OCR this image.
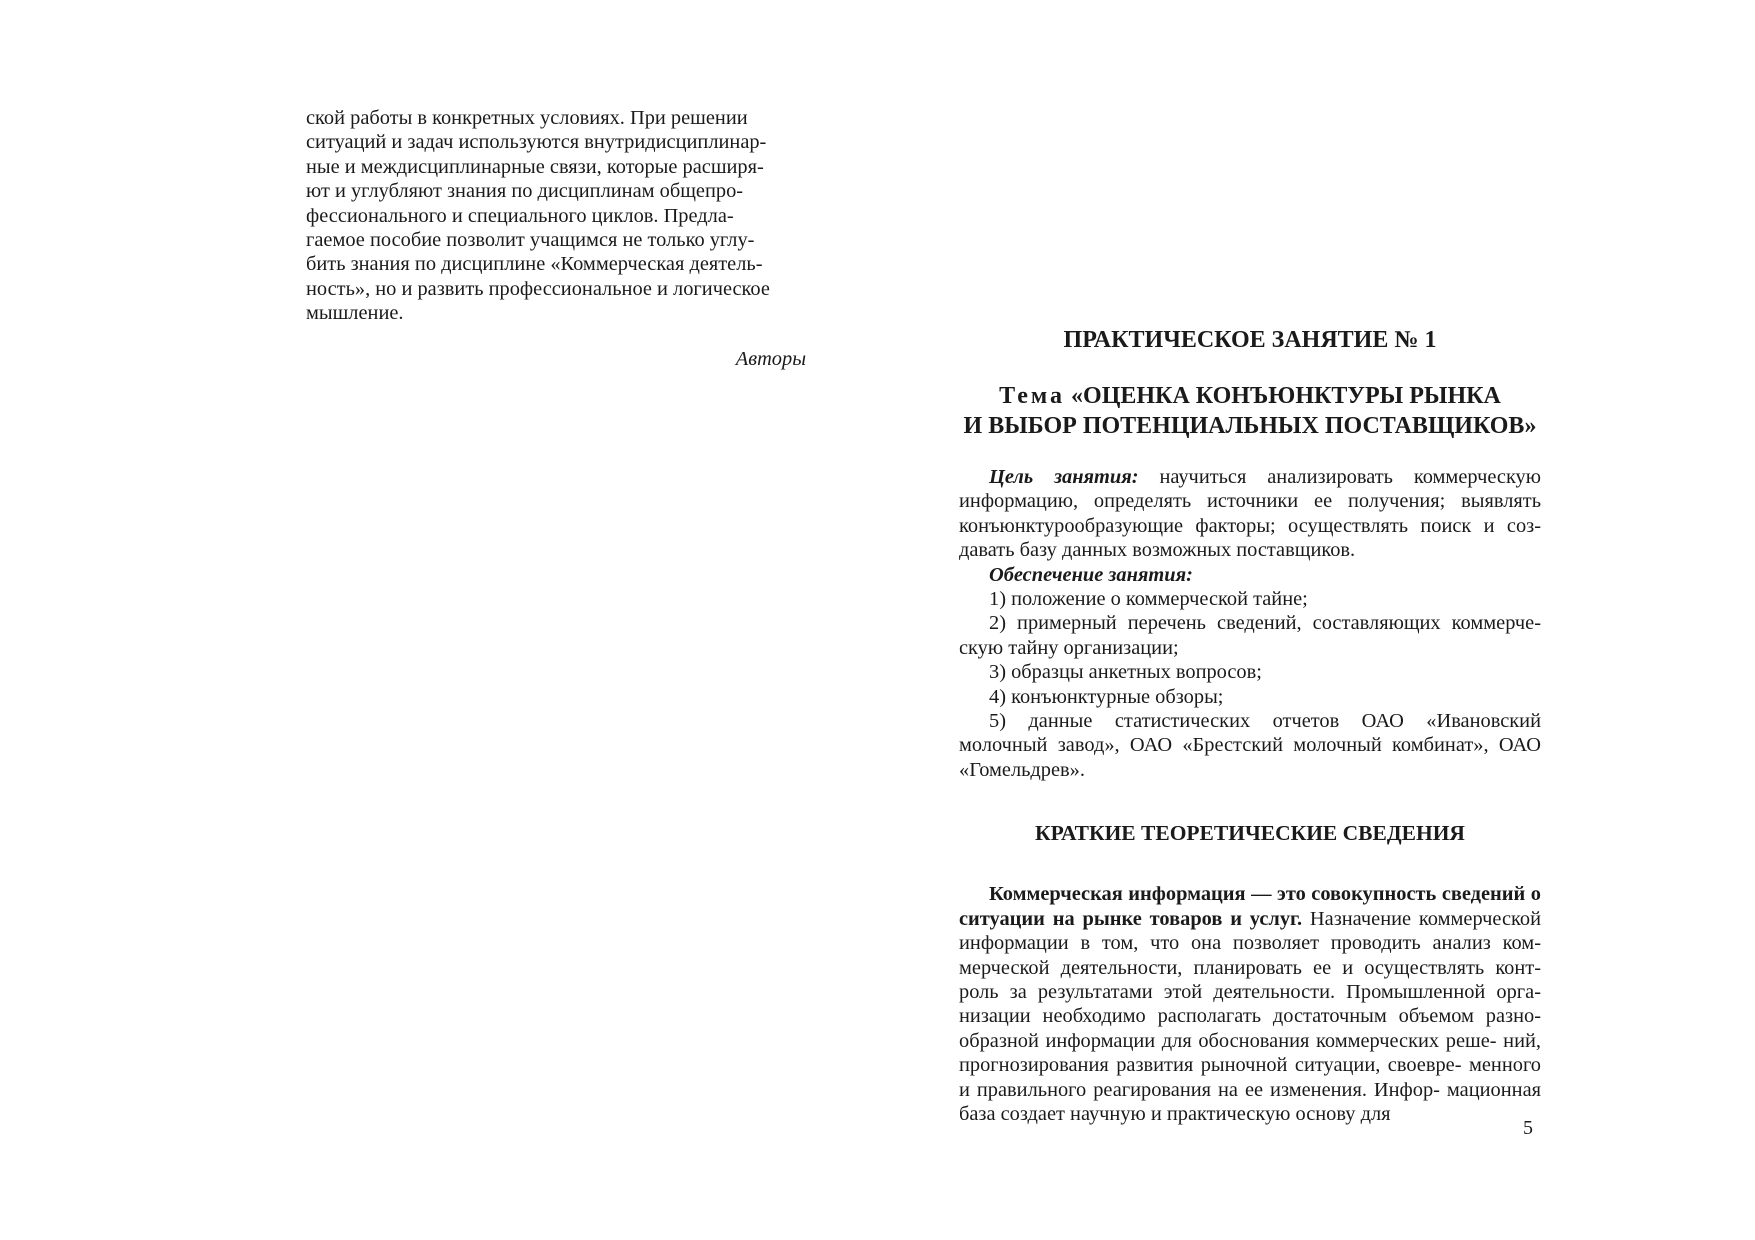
ской работы в конкретных условиях. При решении

ситуаций и задач используются внутридисциплинар-

ные и междисциплинарные связи, которые расширя-

ют и углубляют знания по дисциплинам общепро-

фессионального и специального циклов. Предла-

гаемое пособие позволит учащимся не только углу-

бить знания по дисциплине «Коммерческая деятель-

ность», но и развить профессиональное и логическое

мышление.

Авторы
ПРАКТИЧЕСКОЕ ЗАНЯТИЕ № 1
Тема «ОЦЕНКА КОНЪЮНКТУРЫ РЫНКА
И ВЫБОР ПОТЕНЦИАЛЬНЫХ ПОСТАВЩИКОВ»

Цель занятия: научиться анализировать коммерческую информацию, определять источники ее получения; выявлять конъюнктурообразующие факторы; осуществлять поиск и соз- давать базу данных возможных поставщиков.

Обеспечение занятия:

1) положение о коммерческой тайне;

2) примерный перечень сведений, составляющих коммерче- скую тайну организации;

3) образцы анкетных вопросов;

4) конъюнктурные обзоры;

5) данные статистических отчетов ОАО «Ивановский молочный завод», ОАО «Брестский молочный комбинат», ОАО «Гомельдрев».

КРАТКИЕ ТЕОРЕТИЧЕСКИЕ СВЕДЕНИЯ

Коммерческая информация — это совокупность сведений о ситуации на рынке товаров и услуг. Назначение коммерческой информации в том, что она позволяет проводить анализ ком- мерческой деятельности, планировать ее и осуществлять конт- роль за результатами этой деятельности. Промышленной орга- низации необходимо располагать достаточным объемом разно- образной информации для обоснования коммерческих реше- ний, прогнозирования развития рыночной ситуации, своевре- менного и правильного реагирования на ее изменения. Инфор- мационная база создает научную и практическую основу для

5
